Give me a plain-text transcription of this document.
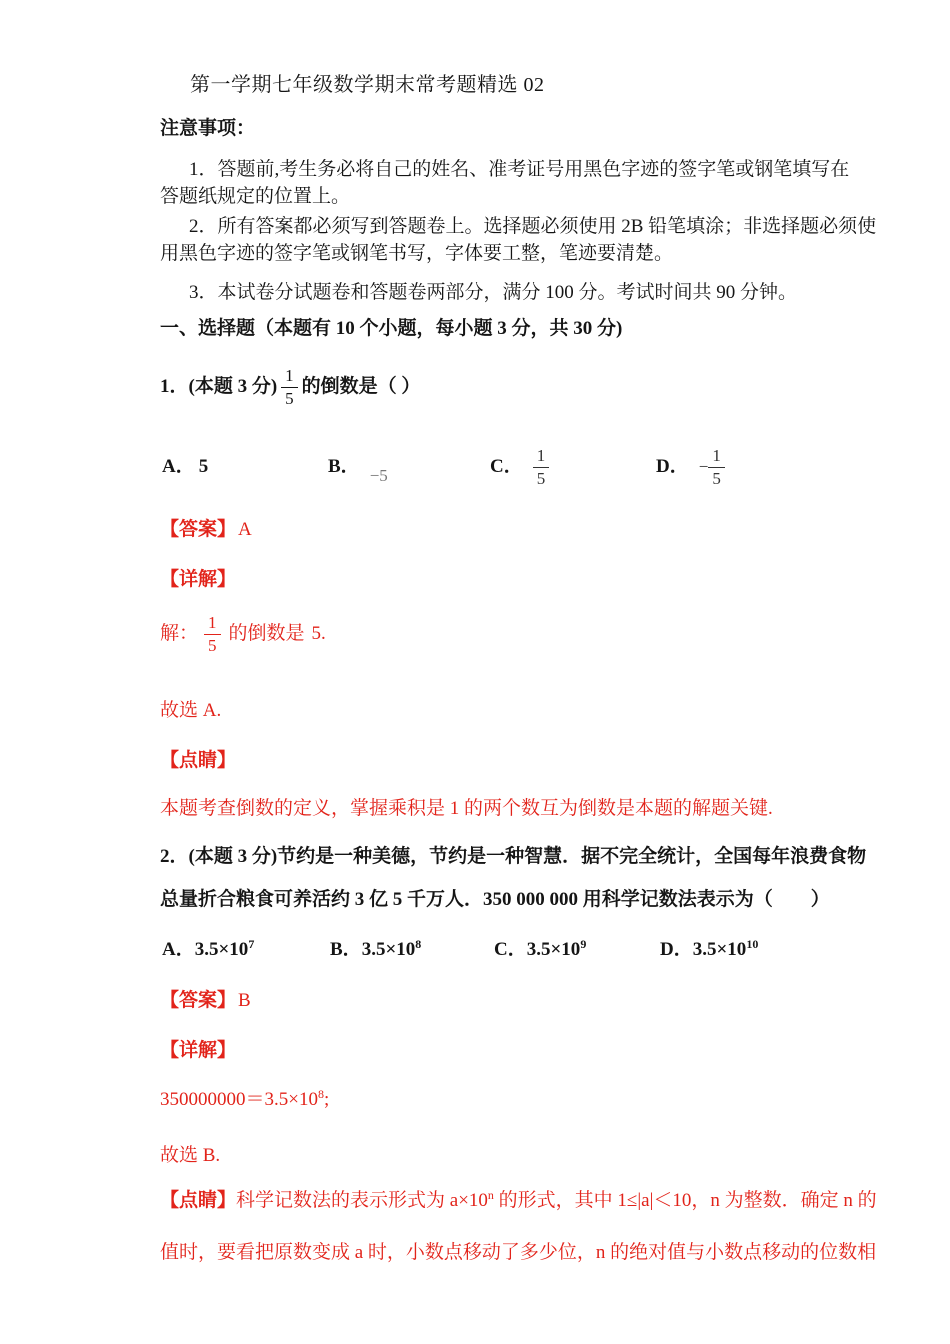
第一学期七年级数学期末常考题精选 02
注意事项：
1．答题前,考生务必将自己的姓名、准考证号用黑色字迹的签字笔或钢笔填写在
答题纸规定的位置上。
2．所有答案都必须写到答题卷上。选择题必须使用 2B 铅笔填涂；非选择题必须使
用黑色字迹的签字笔或钢笔书写，字体要工整，笔迹要清楚。
3．本试卷分试题卷和答题卷两部分，满分 100 分。考试时间共 90 分钟。
一、选择题（本题有 10 个小题，每小题 3 分，共 30 分)
1．(本题 3 分) $\frac{1}{5}$ 的倒数是（ ）
A． 5	B． −5	C． $\frac{1}{5}$	D． − $\frac{1}{5}$
【答案】 A
【详解】
解： $\frac{1}{5}$ 的倒数是 5.
故选 A.
【点睛】
本题考查倒数的定义，掌握乘积是 1 的两个数互为倒数是本题的解题关键.
2．(本题 3 分)节约是一种美德，节约是一种智慧．据不完全统计，全国每年浪费食物
总量折合粮食可养活约 3 亿 5 千万人．350 000 000 用科学记数法表示为（　　）
A．$3.5\times 10^7$	B．$3.5\times 10^8$	C．$3.5\times 10^9$	D．$3.5\times 10^{10}$
【答案】 B
【详解】
$350000000=3.5\times 10^8$;
故选 B.
【点睛】科学记数法的表示形式为 $a\times 10^n$ 的形式，其中 1≤|a|＜10，n 为整数．确定 n 的
值时，要看把原数变成 a 时，小数点移动了多少位，n 的绝对值与小数点移动的位数相
